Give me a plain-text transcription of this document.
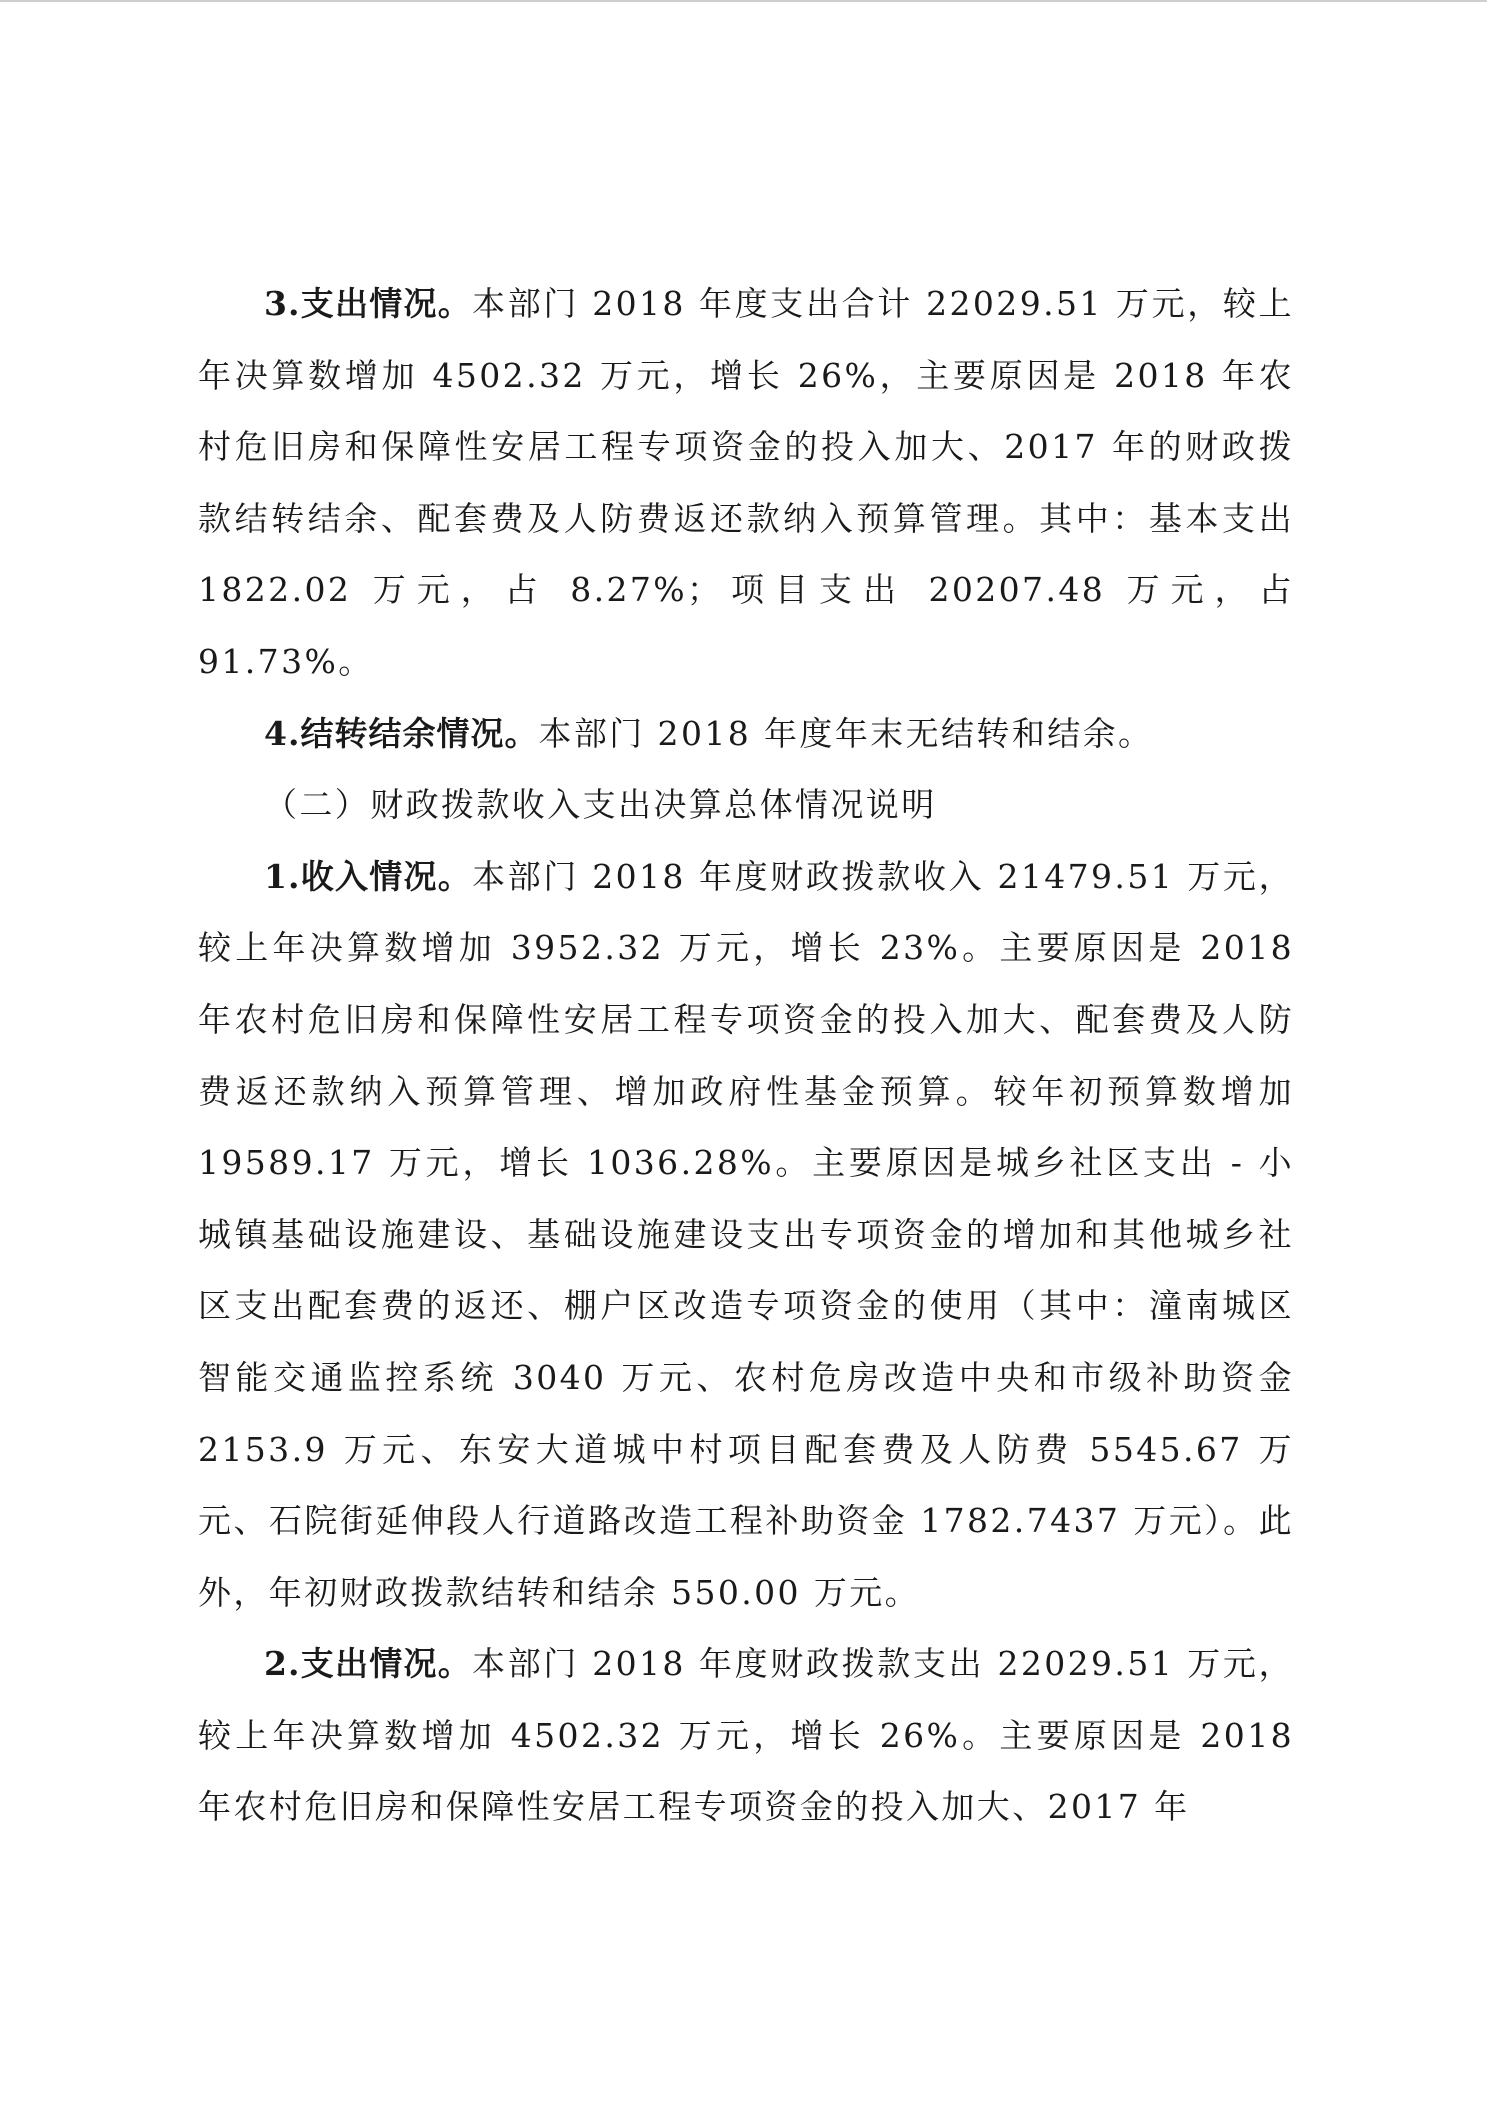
3.支出情况。本部门 2018 年度支出合计 22029.51 万元，较上年决算数增加 4502.32 万元，增长 26%，主要原因是 2018 年农村危旧房和保障性安居工程专项资金的投入加大、2017 年的财政拨款结转结余、配套费及人防费返还款纳入预算管理。其中：基本支出 1822.02 万元，占 8.27%；项目支出 20207.48 万元，占 91.73%。

4.结转结余情况。本部门 2018 年度年末无结转和结余。

（二）财政拨款收入支出决算总体情况说明

1.收入情况。本部门 2018 年度财政拨款收入 21479.51 万元，较上年决算数增加 3952.32 万元，增长 23%。主要原因是 2018 年农村危旧房和保障性安居工程专项资金的投入加大、配套费及人防费返还款纳入预算管理、增加政府性基金预算。较年初预算数增加 19589.17 万元，增长 1036.28%。主要原因是城乡社区支出 - 小城镇基础设施建设、基础设施建设支出专项资金的增加和其他城乡社区支出配套费的返还、棚户区改造专项资金的使用（其中：潼南城区智能交通监控系统 3040 万元、农村危房改造中央和市级补助资金 2153.9 万元、东安大道城中村项目配套费及人防费 5545.67 万元、石院街延伸段人行道路改造工程补助资金 1782.7437 万元）。此外，年初财政拨款结转和结余 550.00 万元。

2.支出情况。本部门 2018 年度财政拨款支出 22029.51 万元，较上年决算数增加 4502.32 万元，增长 26%。主要原因是 2018 年农村危旧房和保障性安居工程专项资金的投入加大、2017 年
